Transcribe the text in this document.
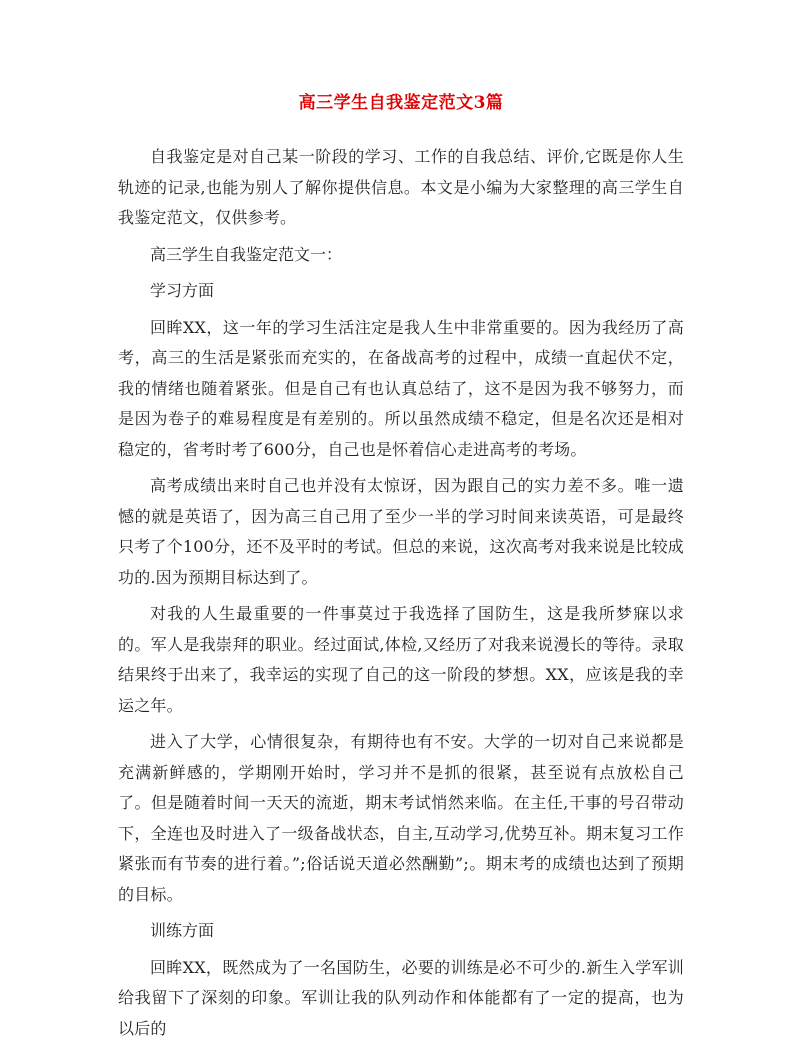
高三学生自我鉴定范文3篇

自我鉴定是对自己某一阶段的学习、工作的自我总结、评价,它既是你人生轨迹的记录,也能为别人了解你提供信息。本文是小编为大家整理的高三学生自我鉴定范文，仅供参考。

高三学生自我鉴定范文一：

学习方面

回眸XX，这一年的学习生活注定是我人生中非常重要的。因为我经历了高考，高三的生活是紧张而充实的，在备战高考的过程中，成绩一直起伏不定，我的情绪也随着紧张。但是自己有也认真总结了，这不是因为我不够努力，而是因为卷子的难易程度是有差别的。所以虽然成绩不稳定，但是名次还是相对稳定的，省考时考了600分，自己也是怀着信心走进高考的考场。

高考成绩出来时自己也并没有太惊讶，因为跟自己的实力差不多。唯一遗憾的就是英语了，因为高三自己用了至少一半的学习时间来读英语，可是最终只考了个100分，还不及平时的考试。但总的来说，这次高考对我来说是比较成功的.因为预期目标达到了。

对我的人生最重要的一件事莫过于我选择了国防生，这是我所梦寐以求的。军人是我崇拜的职业。经过面试,体检,又经历了对我来说漫长的等待。录取结果终于出来了，我幸运的实现了自己的这一阶段的梦想。XX，应该是我的幸运之年。

进入了大学，心情很复杂，有期待也有不安。大学的一切对自己来说都是充满新鲜感的，学期刚开始时，学习并不是抓的很紧，甚至说有点放松自己了。但是随着时间一天天的流逝，期末考试悄然来临。在主任,干事的号召带动下，全连也及时进入了一级备战状态，自主,互动学习,优势互补。期末复习工作紧张而有节奏的进行着。”;俗话说天道必然酬勤”;。期末考的成绩也达到了预期的目标。

训练方面

回眸XX，既然成为了一名国防生，必要的训练是必不可少的.新生入学军训给我留下了深刻的印象。军训让我的队列动作和体能都有了一定的提高，也为以后的
